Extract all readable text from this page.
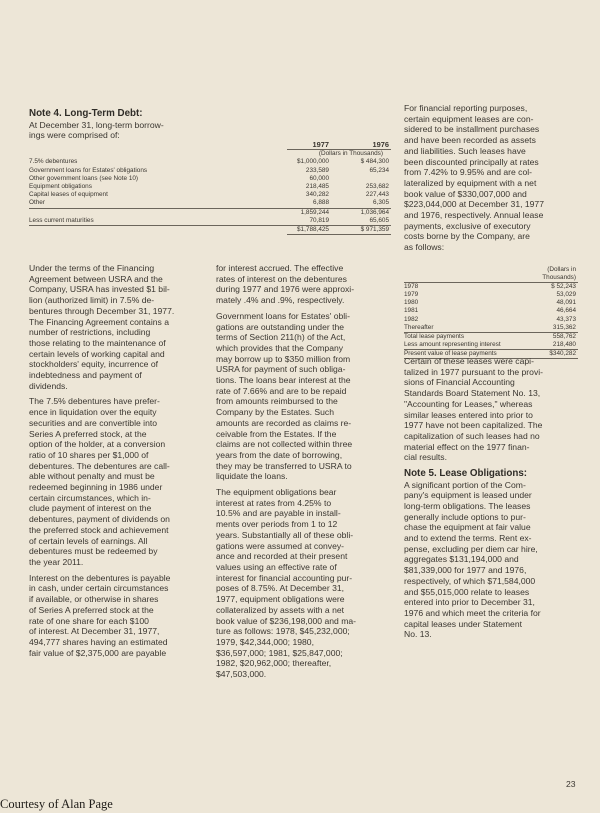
Note 4. Long-Term Debt:
At December 31, long-term borrow-
ings were comprised of:
1977	1976
(Dollars in Thousands)
7.5% debentures	$1,000,000	$ 484,300
Government loans for Estates' obligations	233,589	65,234
Other government loans (see Note 10)	60,000
Equipment obligations	218,485	253,682
Capital leases of equipment	340,282	227,443
Other	6,888	6,305
1,859,244	1,036,964
Less current maturities	70,819	65,605
$1,788,425	$ 971,359

Under the terms of the Financing
Agreement between USRA and the
Company, USRA has invested $1 bil-
lion (authorized limit) in 7.5% de-
bentures through December 31, 1977.
The Financing Agreement contains a
number of restrictions, including
those relating to the maintenance of
certain levels of working capital and
stockholders' equity, incurrence of
indebtedness and payment of
dividends.

The 7.5% debentures have prefer-
ence in liquidation over the equity
securities and are convertible into
Series A preferred stock, at the
option of the holder, at a conversion
ratio of 10 shares per $1,000 of
debentures. The debentures are call-
able without penalty and must be
redeemed beginning in 1986 under
certain circumstances, which in-
clude payment of interest on the
debentures, payment of dividends on
the preferred stock and achievement
of certain levels of earnings. All
debentures must be redeemed by
the year 2011.

Interest on the debentures is payable
in cash, under certain circumstances
if available, or otherwise in shares
of Series A preferred stock at the
rate of one share for each $100
of interest. At December 31, 1977,
494,777 shares having an estimated
fair value of $2,375,000 are payable

for interest accrued. The effective
rates of interest on the debentures
during 1977 and 1976 were approxi-
mately .4% and .9%, respectively.

Government loans for Estates' obli-
gations are outstanding under the
terms of Section 211(h) of the Act,
which provides that the Company
may borrow up to $350 million from
USRA for payment of such obliga-
tions. The loans bear interest at the
rate of 7.66% and are to be repaid
from amounts reimbursed to the
Company by the Estates. Such
amounts are recorded as claims re-
ceivable from the Estates. If the
claims are not collected within three
years from the date of borrowing,
they may be transferred to USRA to
liquidate the loans.

The equipment obligations bear
interest at rates from 4.25% to
10.5% and are payable in install-
ments over periods from 1 to 12
years. Substantially all of these obli-
gations were assumed at convey-
ance and recorded at their present
values using an effective rate of
interest for financial accounting pur-
poses of 8.75%. At December 31,
1977, equipment obligations were
collateralized by assets with a net
book value of $236,198,000 and ma-
ture as follows: 1978, $45,232,000;
1979, $42,344,000; 1980,
$36,597,000; 1981, $25,847,000;
1982, $20,962,000; thereafter,
$47,503,000.

For financial reporting purposes,
certain equipment leases are con-
sidered to be installment purchases
and have been recorded as assets
and liabilities. Such leases have
been discounted principally at rates
from 7.42% to 9.95% and are col-
lateralized by equipment with a net
book value of $330,007,000 and
$223,044,000 at December 31, 1977
and 1976, respectively. Annual lease
payments, exclusive of executory
costs borne by the Company, are
as follows:

(Dollars in
Thousands)
1978	$ 52,243
1979	53,029
1980	48,091
1981	46,664
1982	43,373
Thereafter	315,362
Total lease payments	558,762
Less amount representing interest	218,480
Present value of lease payments	$340,282

Certain of these leases were capi-
talized in 1977 pursuant to the provi-
sions of Financial Accounting
Standards Board Statement No. 13,
"Accounting for Leases," whereas
similar leases entered into prior to
1977 have not been capitalized. The
capitalization of such leases had no
material effect on the 1977 finan-
cial results.

Note 5. Lease Obligations:

A significant portion of the Com-
pany's equipment is leased under
long-term obligations. The leases
generally include options to pur-
chase the equipment at fair value
and to extend the terms. Rent ex-
pense, excluding per diem car hire,
aggregates $131,194,000 and
$81,339,000 for 1977 and 1976,
respectively, of which $71,584,000
and $55,015,000 relate to leases
entered into prior to December 31,
1976 and which meet the criteria for
capital leases under Statement
No. 13.

23
Courtesy of Alan Page
